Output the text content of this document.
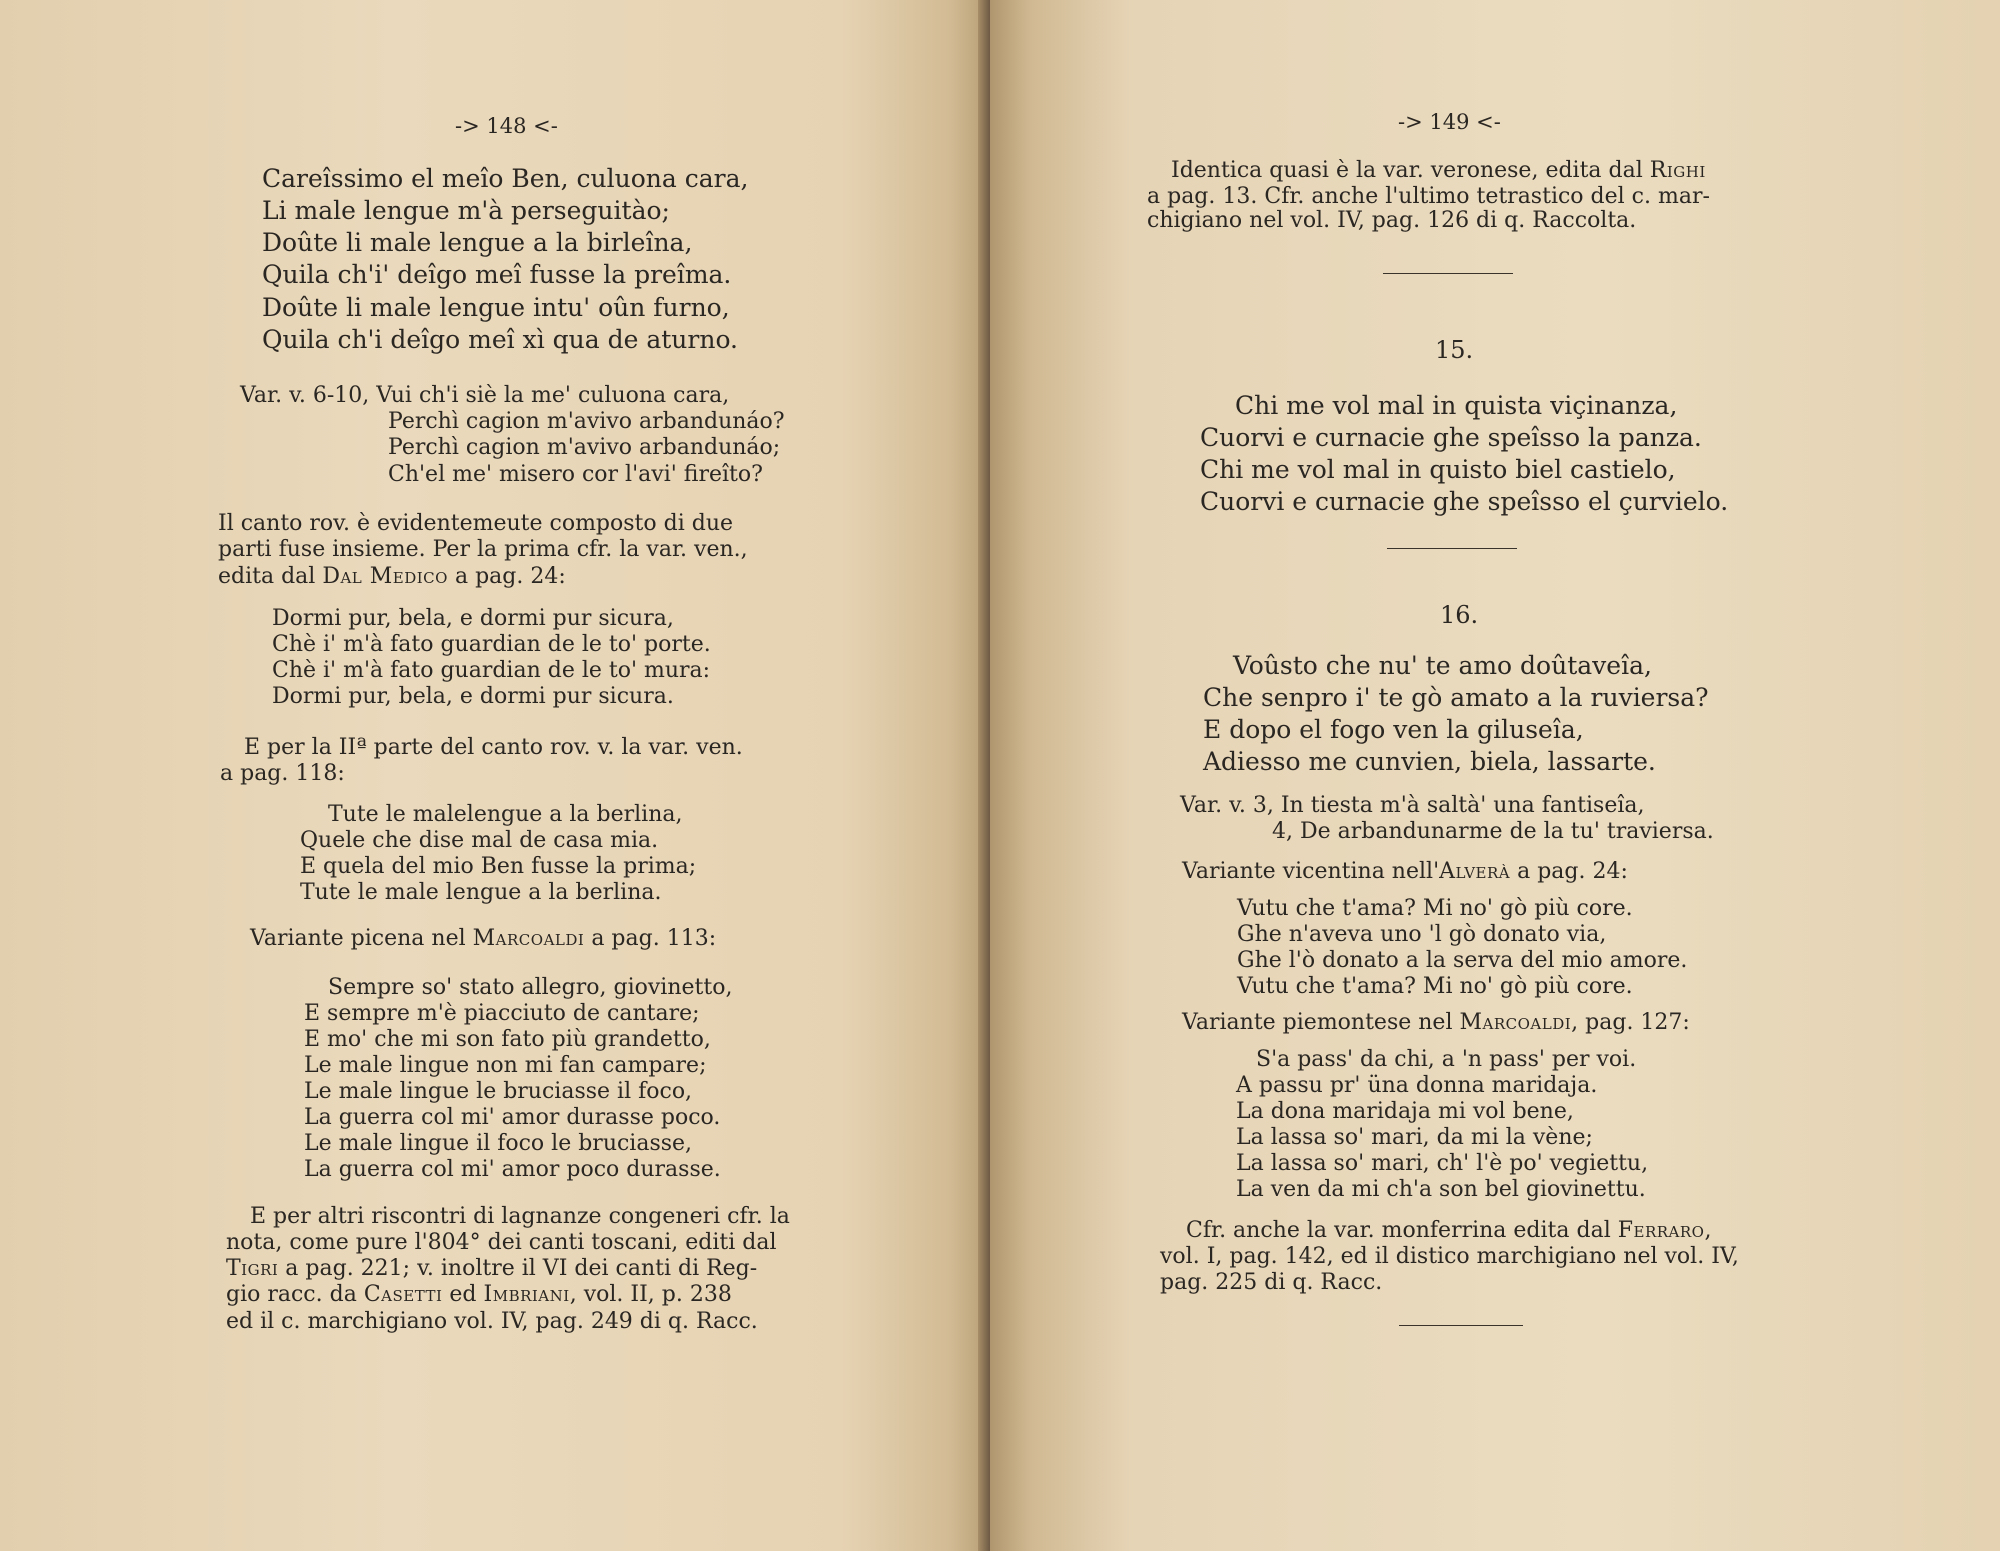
-> 148 <-
Careîssimo el meîo Ben, culuona cara,
Li male lengue m'à perseguitào;
Doûte li male lengue a la birleîna,
Quila ch'i' deîgo meî fusse la preîma.
Doûte li male lengue intu' oûn furno,
Quila ch'i deîgo meî xì qua de aturno.
Var. v. 6-10, Vui ch'i siè la me' culuona cara,
Perchì cagion m'avivo arbandunáo?
Perchì cagion m'avivo arbandunáo;
Ch'el me' misero cor l'avi' fireîto?
Il canto rov. è evidentemeute composto di due
parti fuse insieme. Per la prima cfr. la var. ven.,
edita dal Dal Medico a pag. 24:
Dormi pur, bela, e dormi pur sicura,
Chè i' m'à fato guardian de le to' porte.
Chè i' m'à fato guardian de le to' mura:
Dormi pur, bela, e dormi pur sicura.
E per la IIª parte del canto rov. v. la var. ven.
a pag. 118:
Tute le malelengue a la berlina,
Quele che dise mal de casa mia.
E quela del mio Ben fusse la prima;
Tute le male lengue a la berlina.
Variante picena nel Marcoaldi a pag. 113:
Sempre so' stato allegro, giovinetto,
E sempre m'è piacciuto de cantare;
E mo' che mi son fato più grandetto,
Le male lingue non mi fan campare;
Le male lingue le bruciasse il foco,
La guerra col mi' amor durasse poco.
Le male lingue il foco le bruciasse,
La guerra col mi' amor poco durasse.
E per altri riscontri di lagnanze congeneri cfr. la
nota, come pure l'804° dei canti toscani, editi dal
Tigri a pag. 221; v. inoltre il VI dei canti di Reg-
gio racc. da Casetti ed Imbriani, vol. II, p. 238
ed il c. marchigiano vol. IV, pag. 249 di q. Racc.
-> 149 <-
Identica quasi è la var. veronese, edita dal Righi
a pag. 13. Cfr. anche l'ultimo tetrastico del c. mar-
chigiano nel vol. IV, pag. 126 di q. Raccolta.
15.
Chi me vol mal in quista viçinanza,
Cuorvi e curnacie ghe speîsso la panza.
Chi me vol mal in quisto biel castielo,
Cuorvi e curnacie ghe speîsso el çurvielo.
16.
Voûsto che nu' te amo doûtaveîa,
Che senpro i' te gò amato a la ruviersa?
E dopo el fogo ven la giluseîa,
Adiesso me cunvien, biela, lassarte.
Var. v. 3, In tiesta m'à saltà' una fantiseîa,
4, De arbandunarme de la tu' traviersa.
Variante vicentina nell'Alverà a pag. 24:
Vutu che t'ama? Mi no' gò più core.
Ghe n'aveva uno 'l gò donato via,
Ghe l'ò donato a la serva del mio amore.
Vutu che t'ama? Mi no' gò più core.
Variante piemontese nel Marcoaldi, pag. 127:
S'a pass' da chi, a 'n pass' per voi.
A passu pr' üna donna maridaja.
La dona maridaja mi vol bene,
La lassa so' mari, da mi la vène;
La lassa so' mari, ch' l'è po' vegiettu,
La ven da mi ch'a son bel giovinettu.
Cfr. anche la var. monferrina edita dal Ferraro,
vol. I, pag. 142, ed il distico marchigiano nel vol. IV,
pag. 225 di q. Racc.
